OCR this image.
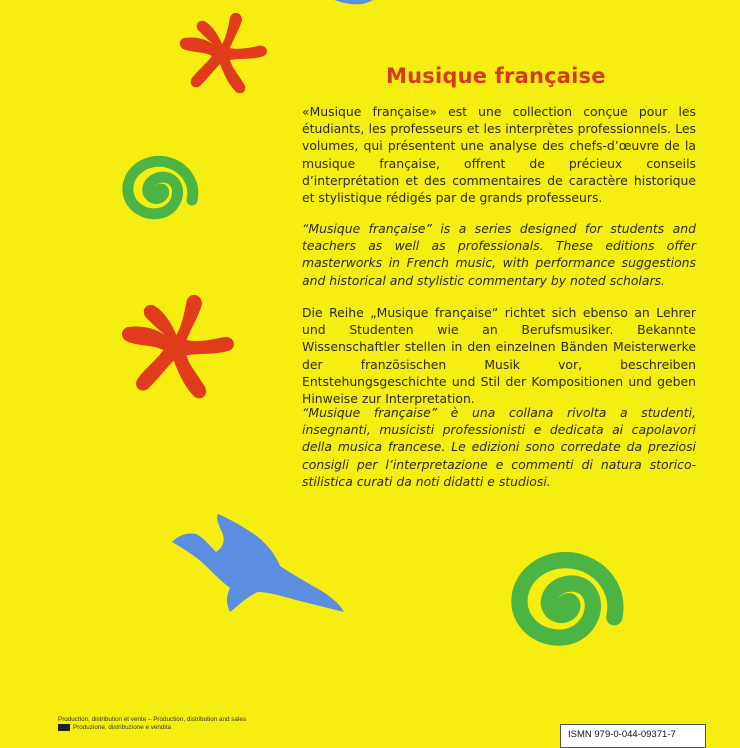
Musique française

«Musique française» est une collection conçue pour les étudiants, les professeurs et les interprètes professionnels. Les volumes, qui présentent une analyse des chefs-d’œuvre de la musique française, offrent de précieux conseils d’interprétation et des commentaires de caractère historique et stylistique rédigés par de grands professeurs.

“Musique française” is a series designed for students and teachers as well as professionals. These editions offer masterworks in French music, with performance suggestions and historical and stylistic commentary by noted scholars.

Die Reihe „Musique française“ richtet sich ebenso an Lehrer und Studenten wie an Berufsmusiker. Bekannte Wissenschaftler stellen in den einzelnen Bänden Meisterwerke der französischen Musik vor, beschreiben Entstehungsgeschichte und Stil der Kompositionen und geben Hinweise zur Interpretation.

“Musique française” è una collana rivolta a studenti, insegnanti, musicisti professionisti e dedicata ai capolavori della musica francese. Le edizioni sono corredate da preziosi consigli per l’interpretazione e commenti di natura storico-stilistica curati da noti didatti e studiosi.

Production, distribution et vente – Production, distribution and sales
Produzione, distribuzione e vendita
ISMN 979-0-044-09371-7
